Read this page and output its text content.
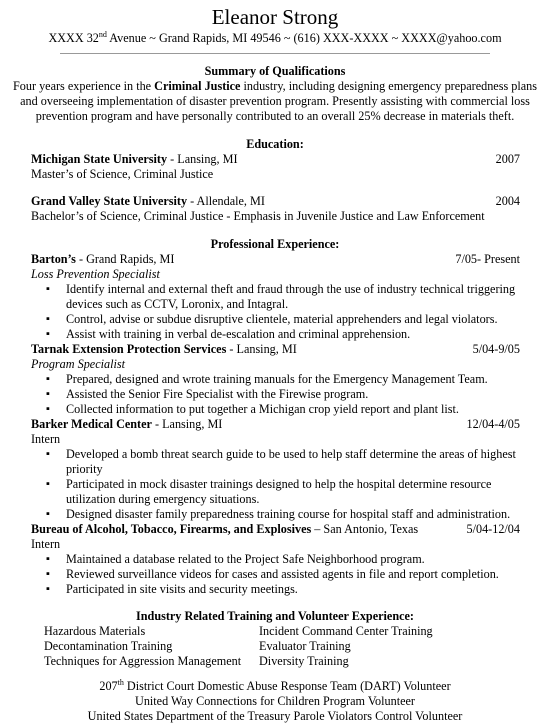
Eleanor Strong
XXXX 32nd Avenue ~ Grand Rapids, MI 49546 ~ (616) XXX-XXXX ~ XXXX@yahoo.com
Summary of Qualifications
Four years experience in the Criminal Justice industry, including designing emergency preparedness plans and overseeing implementation of disaster prevention program. Presently assisting with commercial loss prevention program and have personally contributed to an overall 25% decrease in materials theft.
Education:
Michigan State University - Lansing, MI	2007
Master’s of Science, Criminal Justice
Grand Valley State University - Allendale, MI	2004
Bachelor’s of Science, Criminal Justice - Emphasis in Juvenile Justice and Law Enforcement
Professional Experience:
Barton’s - Grand Rapids, MI	7/05- Present
Loss Prevention Specialist
▪ Identify internal and external theft and fraud through the use of industry technical triggering devices such as CCTV, Loronix, and Intagral.
▪ Control, advise or subdue disruptive clientele, material apprehenders and legal violators.
▪ Assist with training in verbal de-escalation and criminal apprehension.
Tarnak Extension Protection Services - Lansing, MI	5/04-9/05
Program Specialist
▪ Prepared, designed and wrote training manuals for the Emergency Management Team.
▪ Assisted the Senior Fire Specialist with the Firewise program.
▪ Collected information to put together a Michigan crop yield report and plant list.
Barker Medical Center - Lansing, MI	12/04-4/05
Intern
▪ Developed a bomb threat search guide to be used to help staff determine the areas of highest priority
▪ Participated in mock disaster trainings designed to help the hospital determine resource utilization during emergency situations.
▪ Designed disaster family preparedness training course for hospital staff and administration.
Bureau of Alcohol, Tobacco, Firearms, and Explosives – San Antonio, Texas	5/04-12/04
Intern
▪ Maintained a database related to the Project Safe Neighborhood program.
▪ Reviewed surveillance videos for cases and assisted agents in file and report completion.
▪ Participated in site visits and security meetings.
Industry Related Training and Volunteer Experience:
Hazardous Materials	Incident Command Center Training
Decontamination Training	Evaluator Training
Techniques for Aggression Management	Diversity Training
207th District Court Domestic Abuse Response Team (DART) Volunteer
United Way Connections for Children Program Volunteer
United States Department of the Treasury Parole Violators Control Volunteer
